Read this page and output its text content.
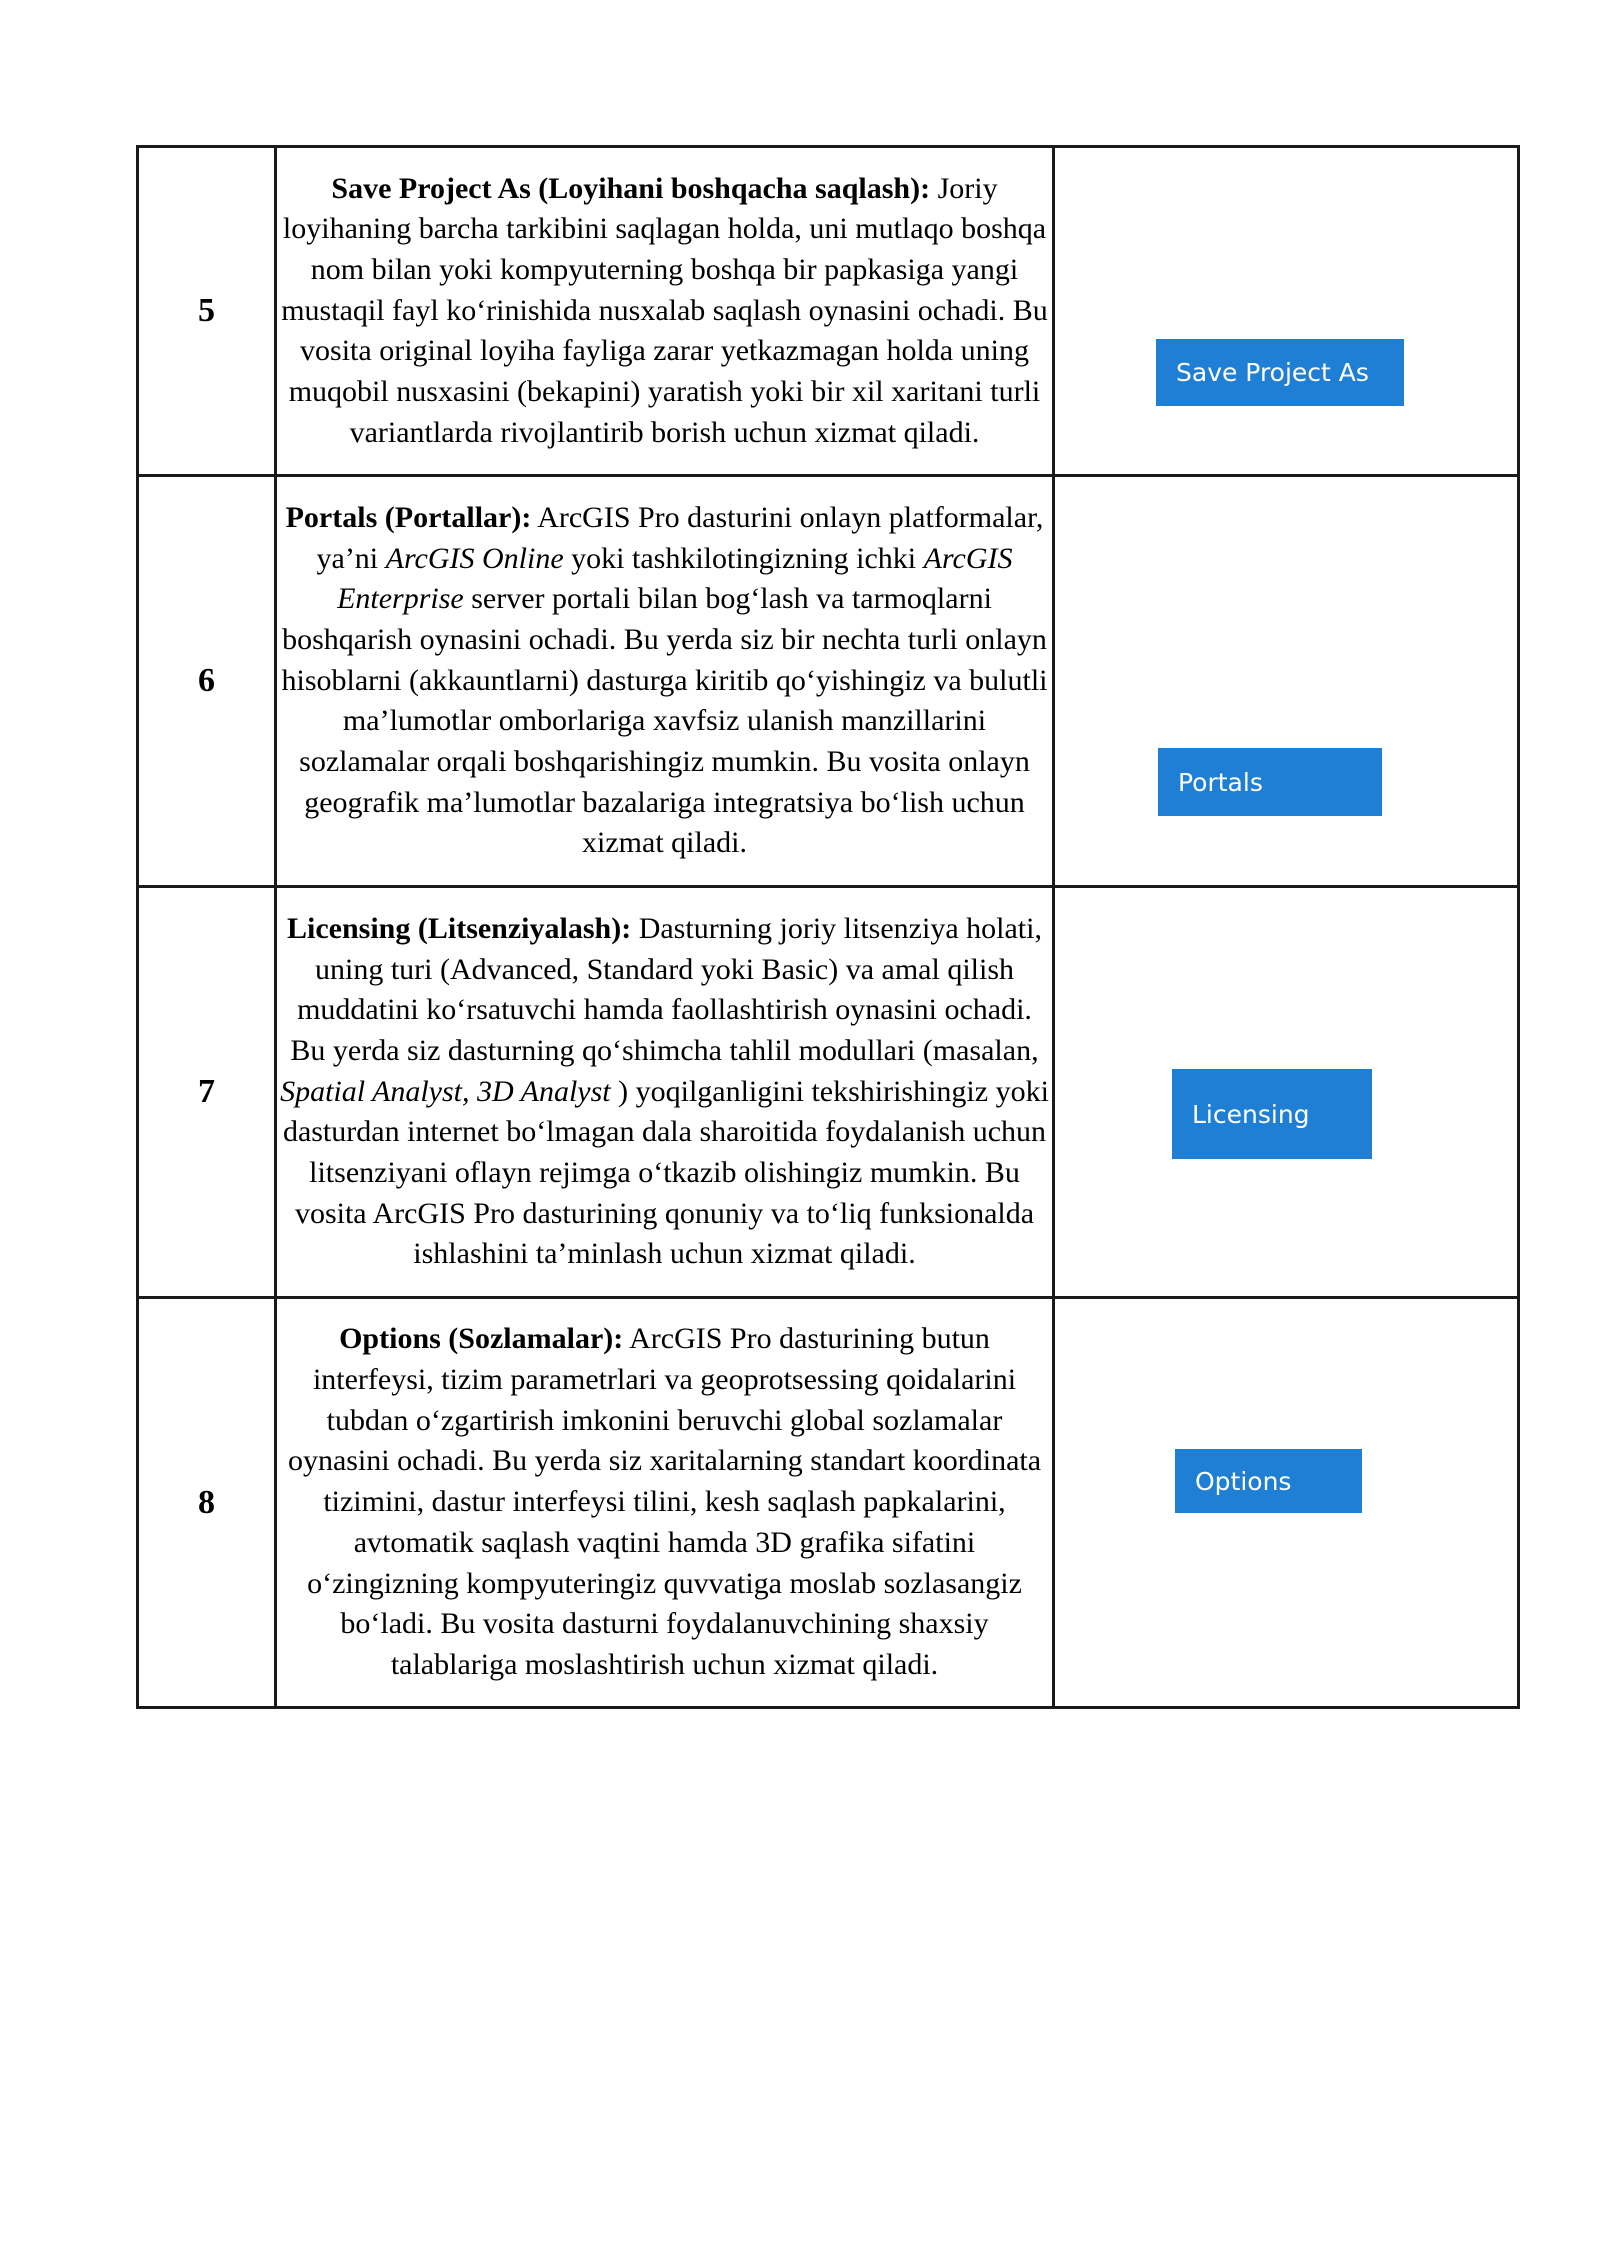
5	Save Project As (Loyihani boshqacha saqlash): Joriy loyihaning barcha tarkibini saqlagan holda, uni mutlaqo boshqa nom bilan yoki kompyuterning boshqa bir papkasiga yangi mustaqil fayl ko‘rinishida nusxalab saqlash oynasini ochadi. Bu vosita original loyiha fayliga zarar yetkazmagan holda uning muqobil nusxasini (bekapini) yaratish yoki bir xil xaritani turli variantlarda rivojlantirib borish uchun xizmat qiladi.	Save Project As

6	Portals (Portallar): ArcGIS Pro dasturini onlayn platformalar, ya’ni ArcGIS Online yoki tashkilotingizning ichki ArcGIS Enterprise server portali bilan bog‘lash va tarmoqlarni boshqarish oynasini ochadi. Bu yerda siz bir nechta turli onlayn hisoblarni (akkauntlarni) dasturga kiritib qo‘yishingiz va bulutli ma’lumotlar omborlariga xavfsiz ulanish manzillarini sozlamalar orqali boshqarishingiz mumkin. Bu vosita onlayn geografik ma’lumotlar bazalariga integratsiya bo‘lish uchun xizmat qiladi.	Portals

7	Licensing (Litsenziyalash): Dasturning joriy litsenziya holati, uning turi (Advanced, Standard yoki Basic) va amal qilish muddatini ko‘rsatuvchi hamda faollashtirish oynasini ochadi. Bu yerda siz dasturning qo‘shimcha tahlil modullari (masalan, Spatial Analyst, 3D Analyst ) yoqilganligini tekshirishingiz yoki dasturdan internet bo‘lmagan dala sharoitida foydalanish uchun litsenziyani oflayn rejimga o‘tkazib olishingiz mumkin. Bu vosita ArcGIS Pro dasturining qonuniy va to‘liq funksionalda ishlashini ta’minlash uchun xizmat qiladi.	Licensing

8	Options (Sozlamalar): ArcGIS Pro dasturining butun interfeysi, tizim parametrlari va geoprotsessing qoidalarini tubdan o‘zgartirish imkonini beruvchi global sozlamalar oynasini ochadi. Bu yerda siz xaritalarning standart koordinata tizimini, dastur interfeysi tilini, kesh saqlash papkalarini, avtomatik saqlash vaqtini hamda 3D grafika sifatini o‘zingizning kompyuteringiz quvvatiga moslab sozlasangiz bo‘ladi. Bu vosita dasturni foydalanuvchining shaxsiy talablariga moslashtirish uchun xizmat qiladi.	Options
